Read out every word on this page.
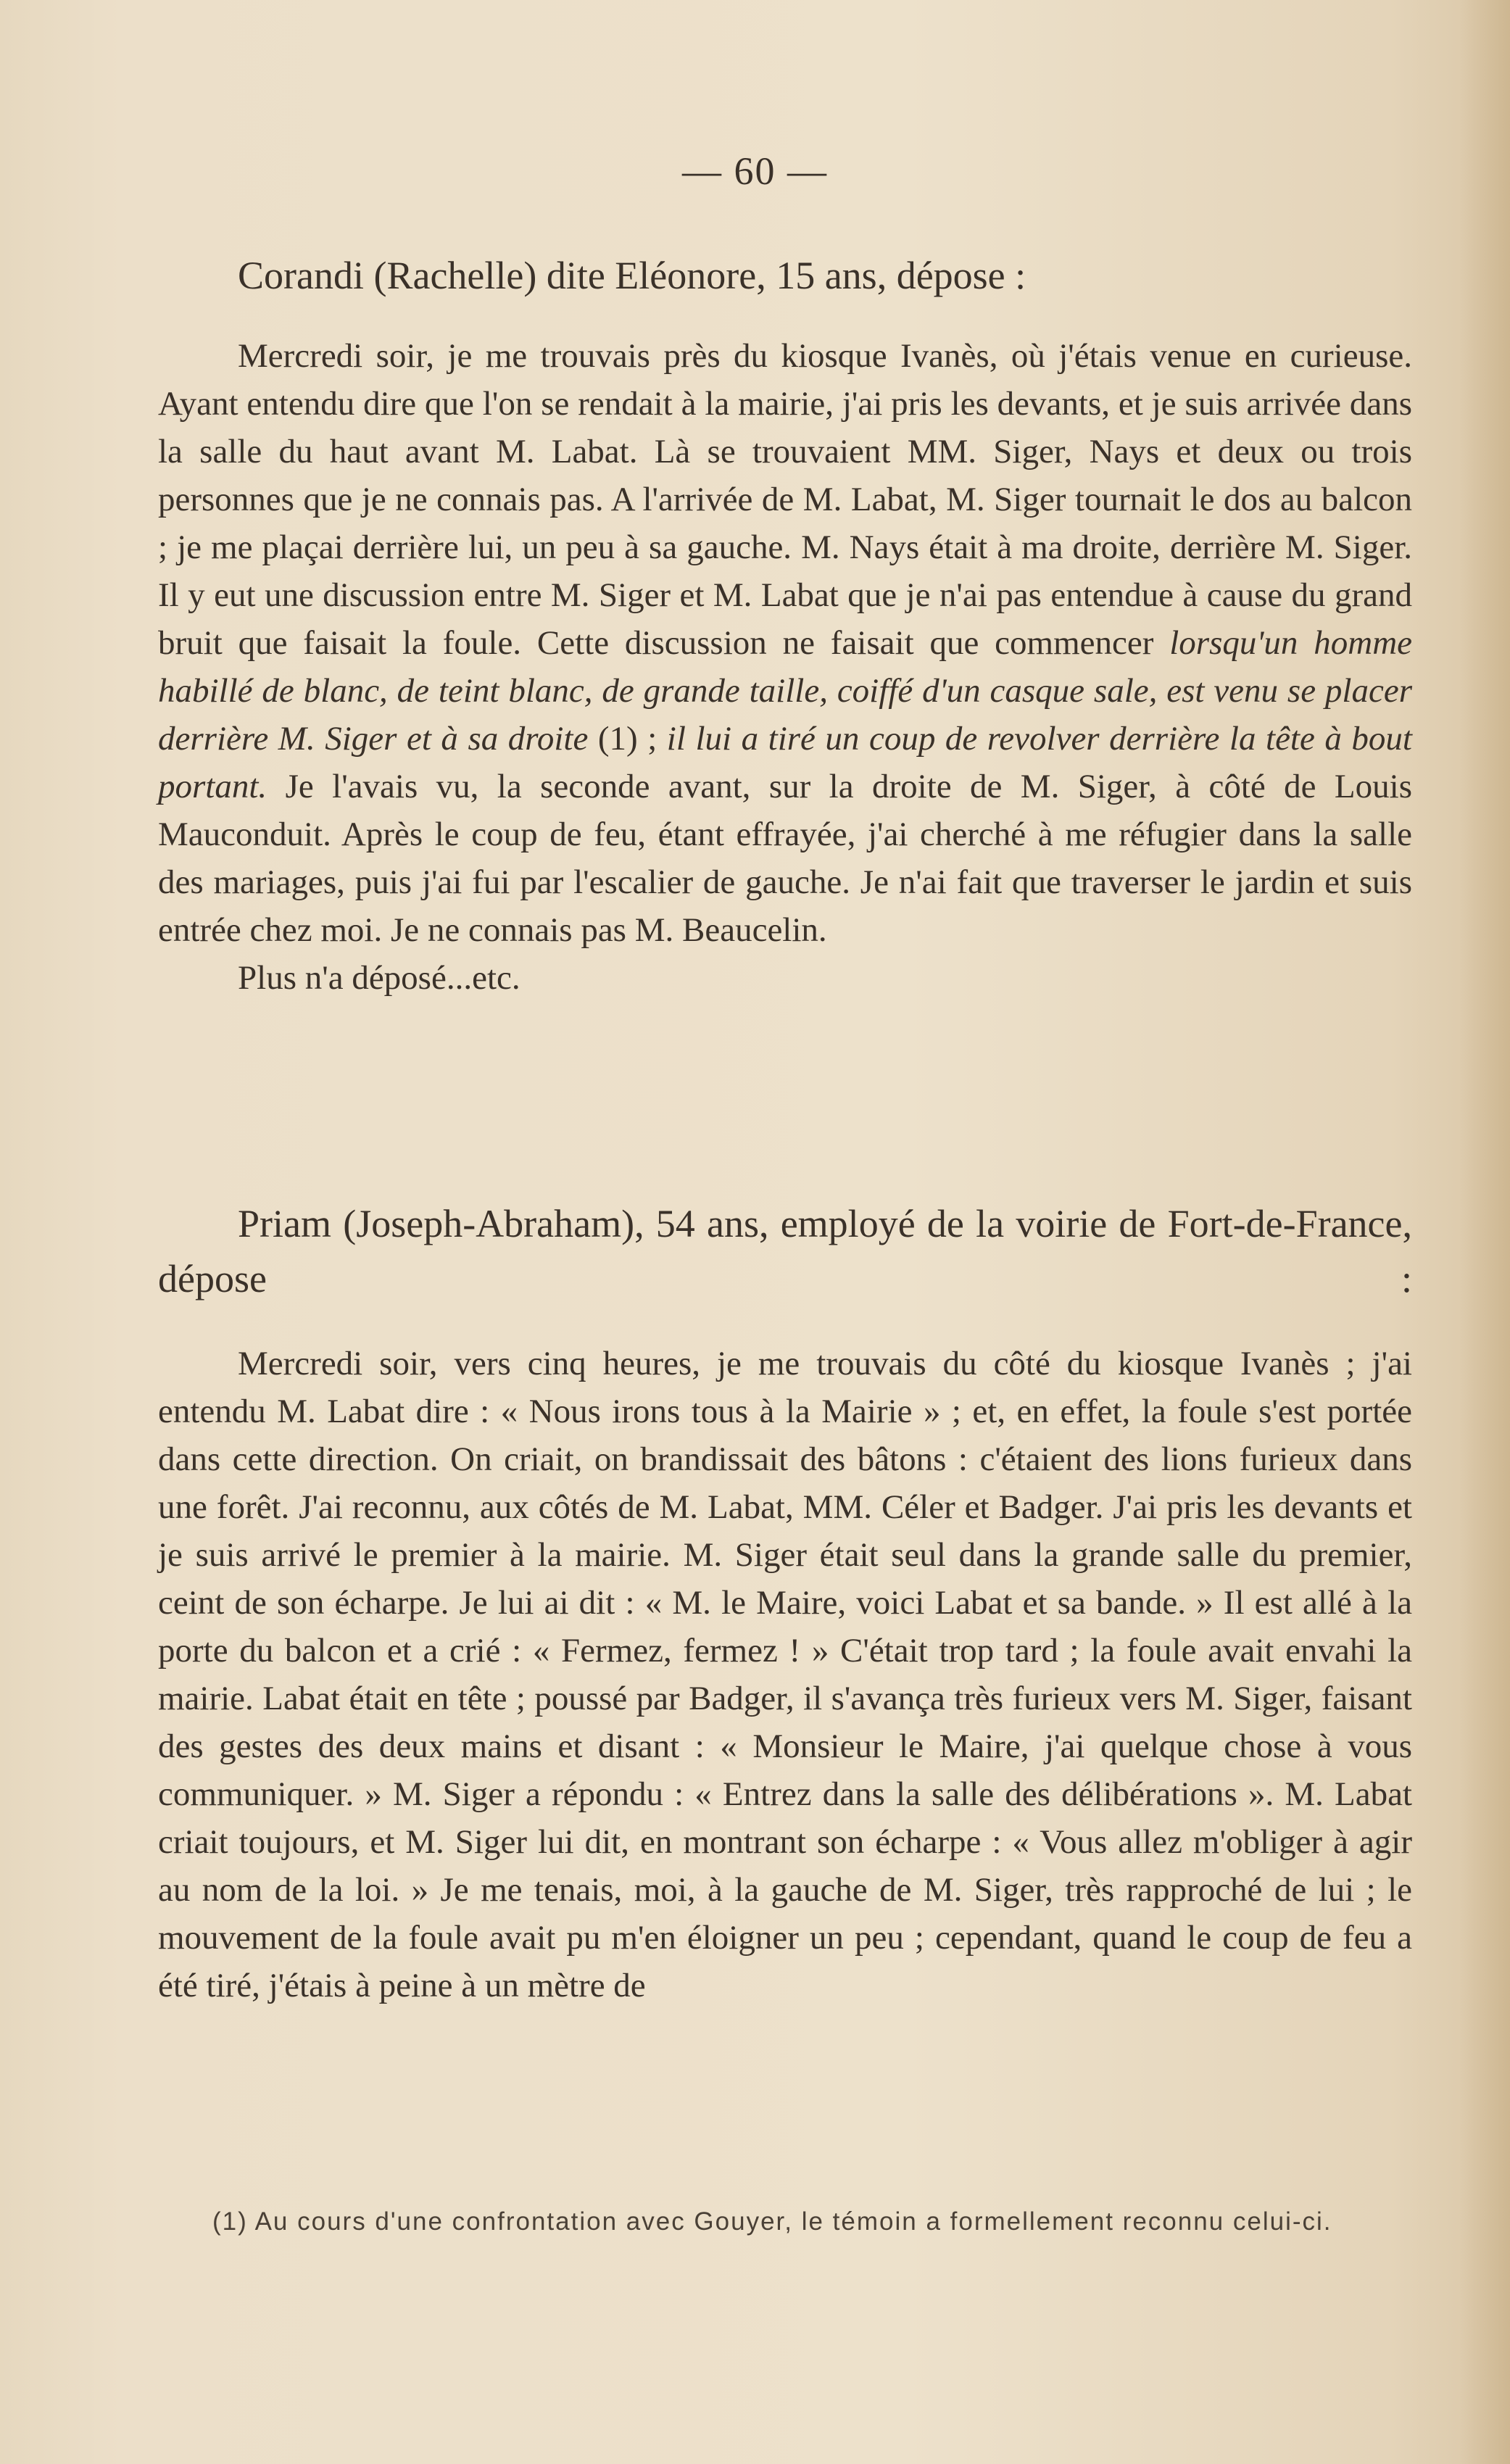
— 60 —
Corandi (Rachelle) dite Eléonore, 15 ans, dépose :

Mercredi soir, je me trouvais près du kiosque Ivanès, où j'étais venue en curieuse. Ayant entendu dire que l'on se rendait à la mairie, j'ai pris les devants, et je suis arrivée dans la salle du haut avant M. Labat. Là se trouvaient MM. Siger, Nays et deux ou trois personnes que je ne connais pas. A l'arrivée de M. Labat, M. Siger tournait le dos au balcon ; je me plaçai derrière lui, un peu à sa gauche. M. Nays était à ma droite, derrière M. Siger. Il y eut une discussion entre M. Siger et M. Labat que je n'ai pas entendue à cause du grand bruit que faisait la foule. Cette discussion ne faisait que commencer lorsqu'un homme habillé de blanc, de teint blanc, de grande taille, coiffé d'un casque sale, est venu se placer derrière M. Siger et à sa droite (1) ; il lui a tiré un coup de revolver derrière la tête à bout portant. Je l'avais vu, la seconde avant, sur la droite de M. Siger, à côté de Louis Mauconduit. Après le coup de feu, étant effrayée, j'ai cherché à me réfugier dans la salle des mariages, puis j'ai fui par l'escalier de gauche. Je n'ai fait que traverser le jardin et suis entrée chez moi. Je ne connais pas M. Beaucelin.

Plus n'a déposé...etc.

Priam (Joseph-Abraham), 54 ans, employé de la voirie de Fort-de-France, dépose :

Mercredi soir, vers cinq heures, je me trouvais du côté du kiosque Ivanès ; j'ai entendu M. Labat dire : « Nous irons tous à la Mairie » ; et, en effet, la foule s'est portée dans cette direction. On criait, on brandissait des bâtons : c'étaient des lions furieux dans une forêt. J'ai reconnu, aux côtés de M. Labat, MM. Céler et Badger. J'ai pris les devants et je suis arrivé le premier à la mairie. M. Siger était seul dans la grande salle du premier, ceint de son écharpe. Je lui ai dit : « M. le Maire, voici Labat et sa bande. » Il est allé à la porte du balcon et a crié : « Fermez, fermez ! » C'était trop tard ; la foule avait envahi la mairie. Labat était en tête ; poussé par Badger, il s'avança très furieux vers M. Siger, faisant des gestes des deux mains et disant : « Monsieur le Maire, j'ai quelque chose à vous communiquer. » M. Siger a répondu : « Entrez dans la salle des délibérations ». M. Labat criait toujours, et M. Siger lui dit, en montrant son écharpe : « Vous allez m'obliger à agir au nom de la loi. » Je me tenais, moi, à la gauche de M. Siger, très rapproché de lui ; le mouvement de la foule avait pu m'en éloigner un peu ; cependant, quand le coup de feu a été tiré, j'étais à peine à un mètre de

(1) Au cours d'une confrontation avec Gouyer, le témoin a formellement reconnu celui-ci.
